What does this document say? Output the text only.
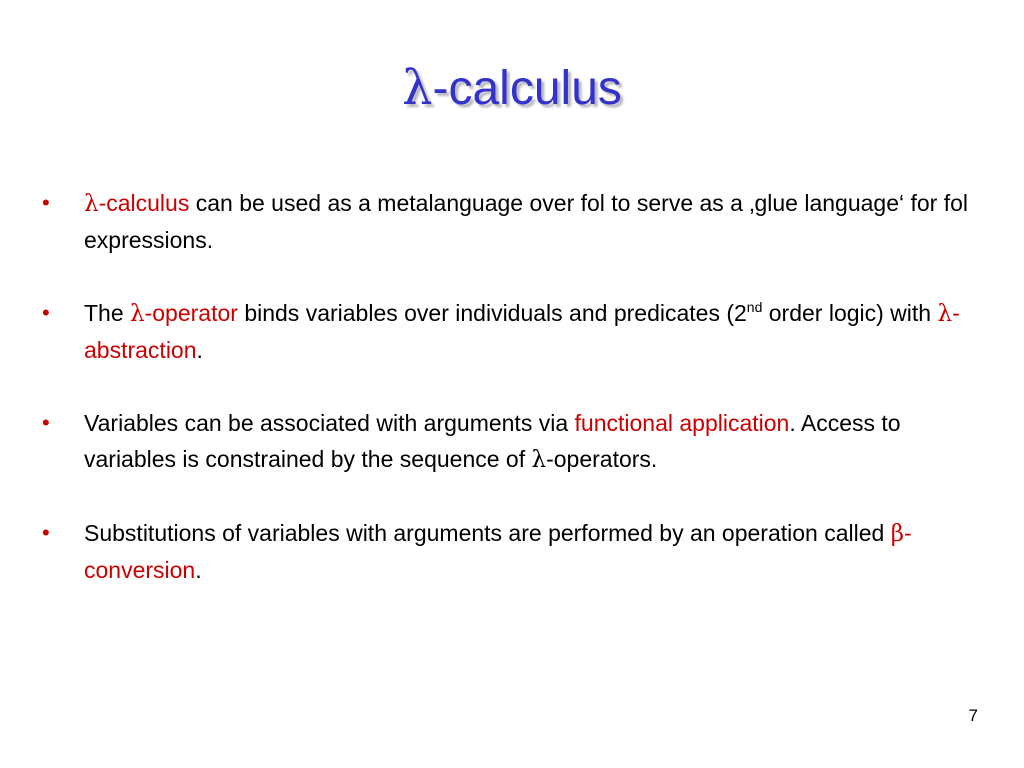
λ-calculus
• λ-calculus can be used as a metalanguage over fol to serve as a ‚glue language‘ for fol expressions.
• The λ-operator binds variables over individuals and predicates (2nd order logic) with λ-abstraction.
• Variables can be associated with arguments via functional application. Access to variables is constrained by the sequence of λ-operators.
• Substitutions of variables with arguments are performed by an operation called β-conversion.
7
